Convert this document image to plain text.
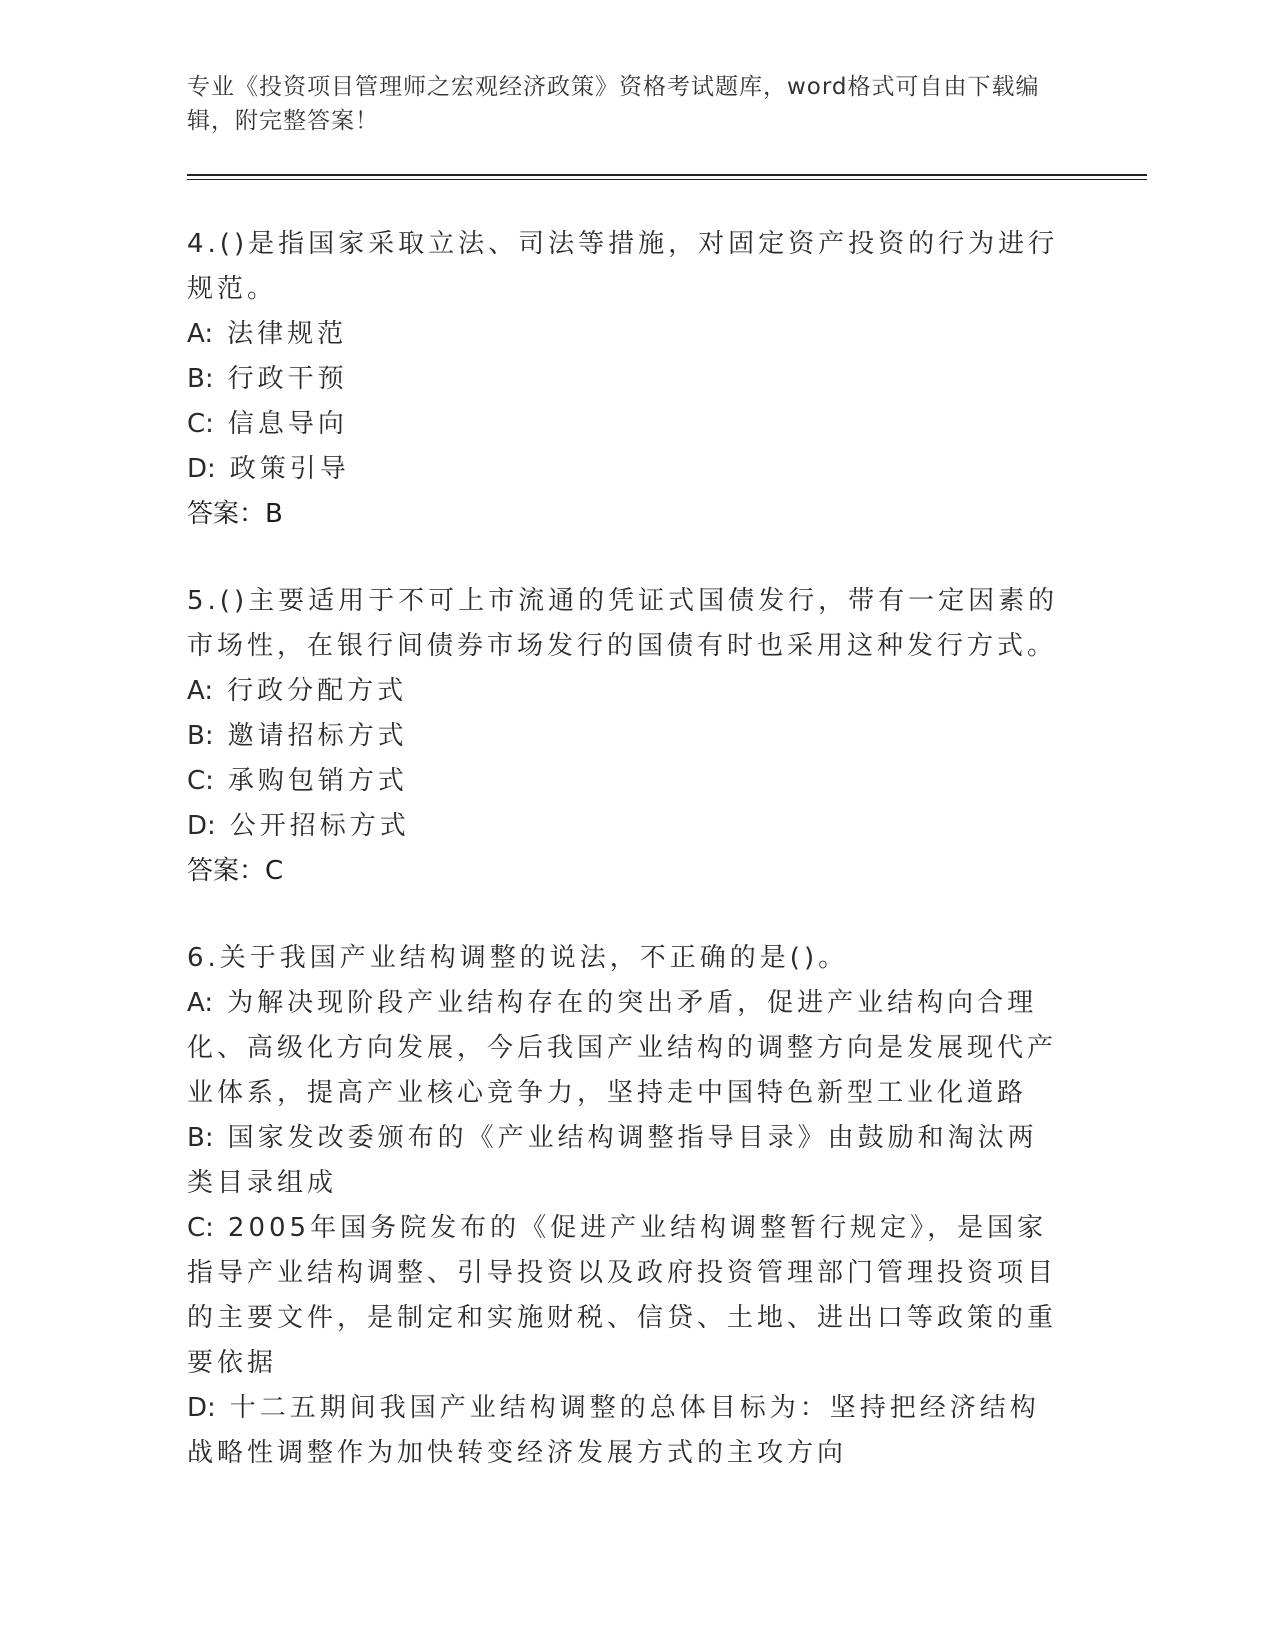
专业《投资项目管理师之宏观经济政策》资格考试题库，word格式可自由下载编辑，附完整答案！
4.()是指国家采取立法、司法等措施，对固定资产投资的行为进行规范。
A: 法律规范
B: 行政干预
C: 信息导向
D: 政策引导
答案：B
5.()主要适用于不可上市流通的凭证式国债发行，带有一定因素的市场性，在银行间债券市场发行的国债有时也采用这种发行方式。
A: 行政分配方式
B: 邀请招标方式
C: 承购包销方式
D: 公开招标方式
答案：C
6.关于我国产业结构调整的说法，不正确的是()。
A: 为解决现阶段产业结构存在的突出矛盾，促进产业结构向合理化、高级化方向发展，今后我国产业结构的调整方向是发展现代产业体系，提高产业核心竞争力，坚持走中国特色新型工业化道路
B: 国家发改委颁布的《产业结构调整指导目录》由鼓励和淘汰两类目录组成
C: 2005年国务院发布的《促进产业结构调整暂行规定》，是国家指导产业结构调整、引导投资以及政府投资管理部门管理投资项目的主要文件，是制定和实施财税、信贷、土地、进出口等政策的重要依据
D: 十二五期间我国产业结构调整的总体目标为：坚持把经济结构战略性调整作为加快转变经济发展方式的主攻方向
